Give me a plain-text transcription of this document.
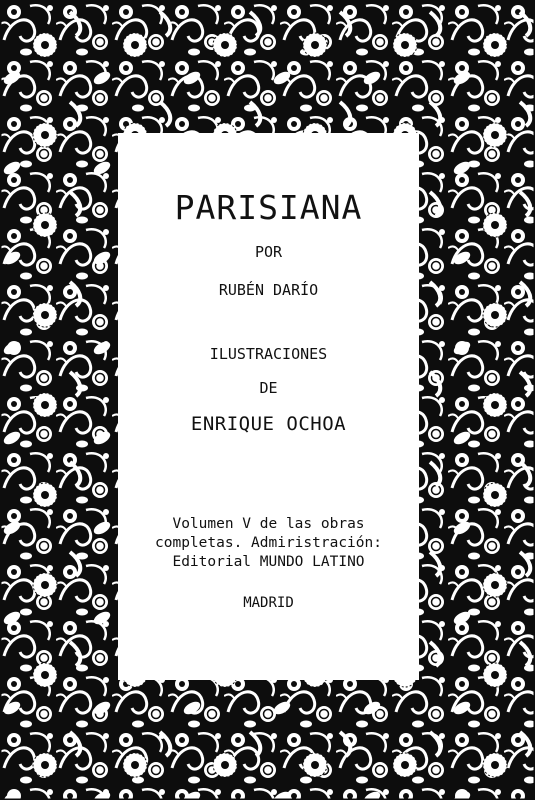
PARISIANA
POR
RUBÉN DARÍO
ILUSTRACIONES
DE
ENRIQUE OCHOA
Volumen V de las obras
completas. Admiristración:
Editorial MUNDO LATINO
MADRID
